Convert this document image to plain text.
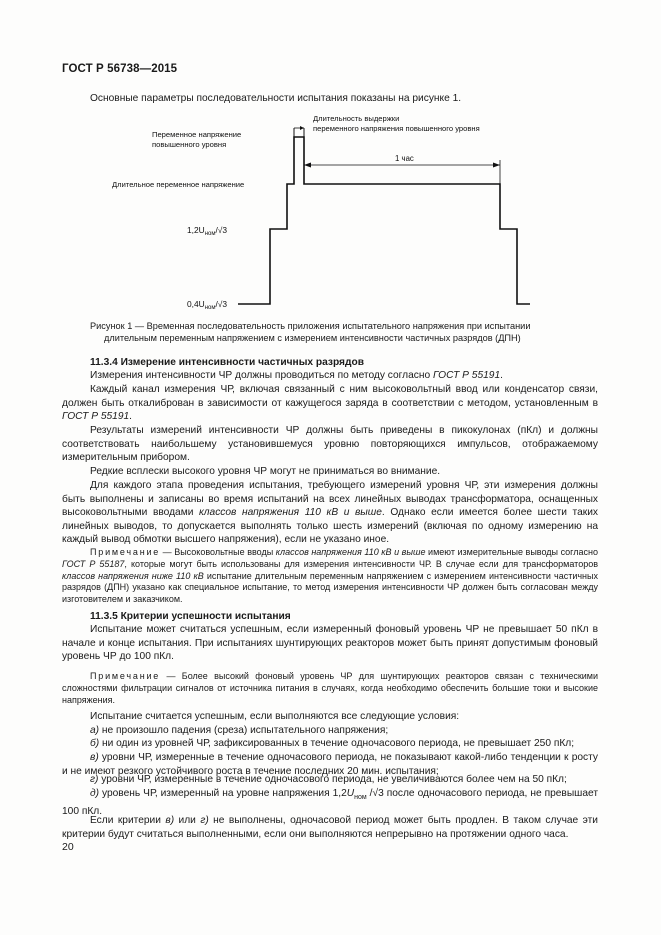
ГОСТ Р 56738—2015
Основные параметры последовательности испытания показаны на рисунке 1.
Длительность выдержки
переменного напряжения повышенного уровня
Переменное напряжение
повышенного уровня
1 час
Длительное переменное напряжение
$1,2U_{ном}/√3$
$0,4U_{ном}/√3$
Рисунок 1 — Временная последовательность приложения испытательного напряжения при испытании
длительным переменным напряжением с измерением интенсивности частичных разрядов (ДПН)
11.3.4 Измерение интенсивности частичных разрядов
Измерения интенсивности ЧР должны проводиться по методу согласно ГОСТ Р 55191.
Каждый канал измерения ЧР, включая связанный с ним высоковольтный ввод или конденсатор связи, должен быть откалиброван в зависимости от кажущегося заряда в соответствии с методом, установленным в ГОСТ Р 55191.
Результаты измерений интенсивности ЧР должны быть приведены в пикокулонах (пКл) и должны соответствовать наибольшему установившемуся уровню повторяющихся импульсов, отображаемому измерительным прибором.
Редкие всплески высокого уровня ЧР могут не приниматься во внимание.
Для каждого этапа проведения испытания, требующего измерений уровня ЧР, эти измерения должны быть выполнены и записаны во время испытаний на всех линейных выводах трансформатора, оснащенных высоковольтными вводами классов напряжения 110 кВ и выше. Однако если имеется более шести таких линейных выводов, то допускается выполнять только шесть измерений (включая по одному измерению на каждый вывод обмотки высшего напряжения), если не указано иное.
Примечание — Высоковольтные вводы классов напряжения 110 кВ и выше имеют измерительные выводы согласно ГОСТ Р 55187, которые могут быть использованы для измерения интенсивности ЧР. В случае если для трансформаторов классов напряжения ниже 110 кВ испытание длительным переменным напряжением с измерением интенсивности частичных разрядов (ДПН) указано как специальное испытание, то метод измерения интенсивности ЧР должен быть согласован между изготовителем и заказчиком.
11.3.5 Критерии успешности испытания
Испытание может считаться успешным, если измеренный фоновый уровень ЧР не превышает 50 пКл в начале и конце испытания. При испытаниях шунтирующих реакторов может быть принят допустимым фоновый уровень ЧР до 100 пКл.
Примечание — Более высокий фоновый уровень ЧР для шунтирующих реакторов связан с техническими сложностями фильтрации сигналов от источника питания в случаях, когда необходимо обеспечить большие токи и высокие напряжения.
Испытание считается успешным, если выполняются все следующие условия:
а) не произошло падения (среза) испытательного напряжения;
б) ни один из уровней ЧР, зафиксированных в течение одночасового периода, не превышает 250 пКл;
в) уровни ЧР, измеренные в течение одночасового периода, не показывают какой-либо тенденции к росту и не имеют резкого устойчивого роста в течение последних 20 мин. испытания;
г) уровни ЧР, измеренные в течение одночасового периода, не увеличиваются более чем на 50 пКл;
д) уровень ЧР, измеренный на уровне напряжения $1,2U_{ном}$ /√3 после одночасового периода, не превышает 100 пКл.
Если критерии в) или г) не выполнены, одночасовой период может быть продлен. В таком случае эти критерии будут считаться выполненными, если они выполняются непрерывно на протяжении одного часа.
20
